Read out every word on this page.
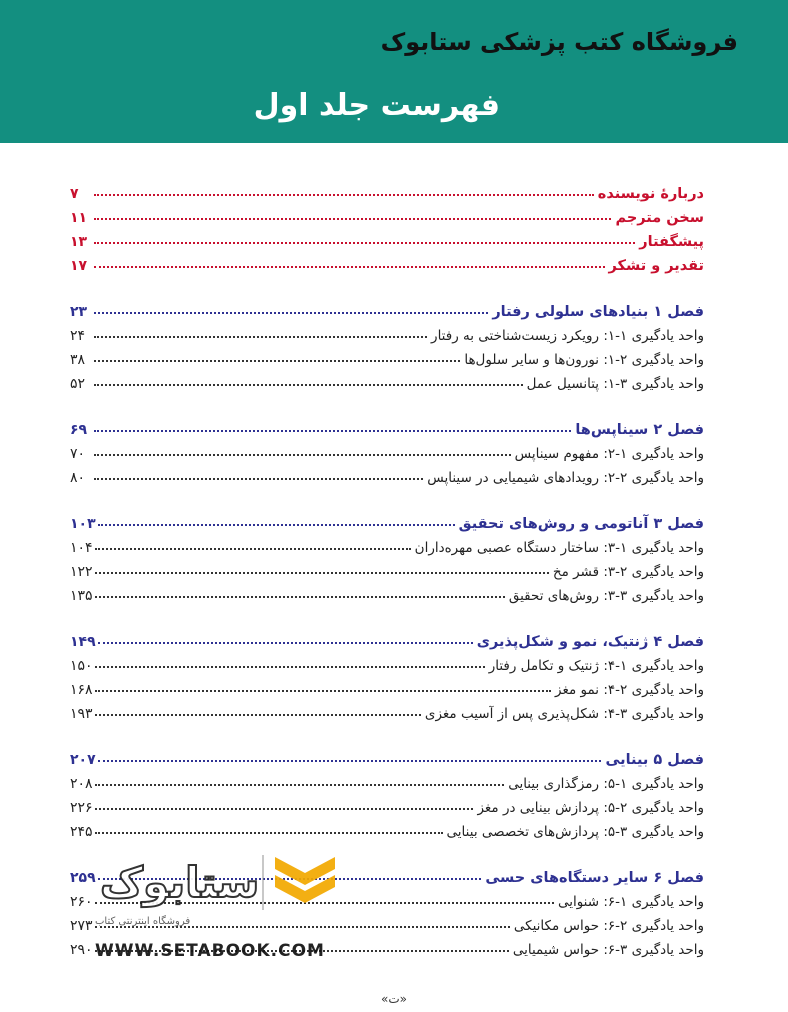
فروشگاه کتب پزشکی ستابوک
فهرست جلد اول
دربارهٔ نویسنده
۷
سخن مترجم
۱۱
پیشگفتار
۱۳
تقدیر و تشکر
۱۷
فصل ۱ بنیادهای سلولی رفتار
۲۳
واحد یادگیری ۱-۱: رویکرد زیست‌شناختی به رفتار
۲۴
واحد یادگیری ۲-۱: نورون‌ها و سایر سلول‌ها
۳۸
واحد یادگیری ۳-۱: پتانسیل عمل
۵۲
فصل ۲ سیناپس‌ها
۶۹
واحد یادگیری ۱-۲: مفهوم سیناپس
۷۰
واحد یادگیری ۲-۲: رویدادهای شیمیایی در سیناپس
۸۰
فصل ۳ آناتومی و روش‌های تحقیق
۱۰۳
واحد یادگیری ۱-۳: ساختار دستگاه عصبی مهره‌داران
۱۰۴
واحد یادگیری ۲-۳: قشر مخ
۱۲۲
واحد یادگیری ۳-۳: روش‌های تحقیق
۱۳۵
فصل ۴ ژنتیک، نمو و شکل‌پذیری
۱۴۹
واحد یادگیری ۱-۴: ژنتیک و تکامل رفتار
۱۵۰
واحد یادگیری ۲-۴: نمو مغز
۱۶۸
واحد یادگیری ۳-۴: شکل‌پذیری پس از آسیب مغزی
۱۹۳
فصل ۵ بینایی
۲۰۷
واحد یادگیری ۱-۵: رمزگذاری بینایی
۲۰۸
واحد یادگیری ۲-۵: پردازش بینایی در مغز
۲۲۶
واحد یادگیری ۳-۵: پردازش‌های تخصصی بینایی
۲۴۵
فصل ۶ سایر دستگاه‌های حسی
۲۵۹
واحد یادگیری ۱-۶: شنوایی
۲۶۰
واحد یادگیری ۲-۶: حواس مکانیکی
۲۷۳
واحد یادگیری ۳-۶: حواس شیمیایی
۲۹۰
ستابوک
فروشگاه اینترنتی کتاب
WWW.SETABOOK.COM
«ت»
